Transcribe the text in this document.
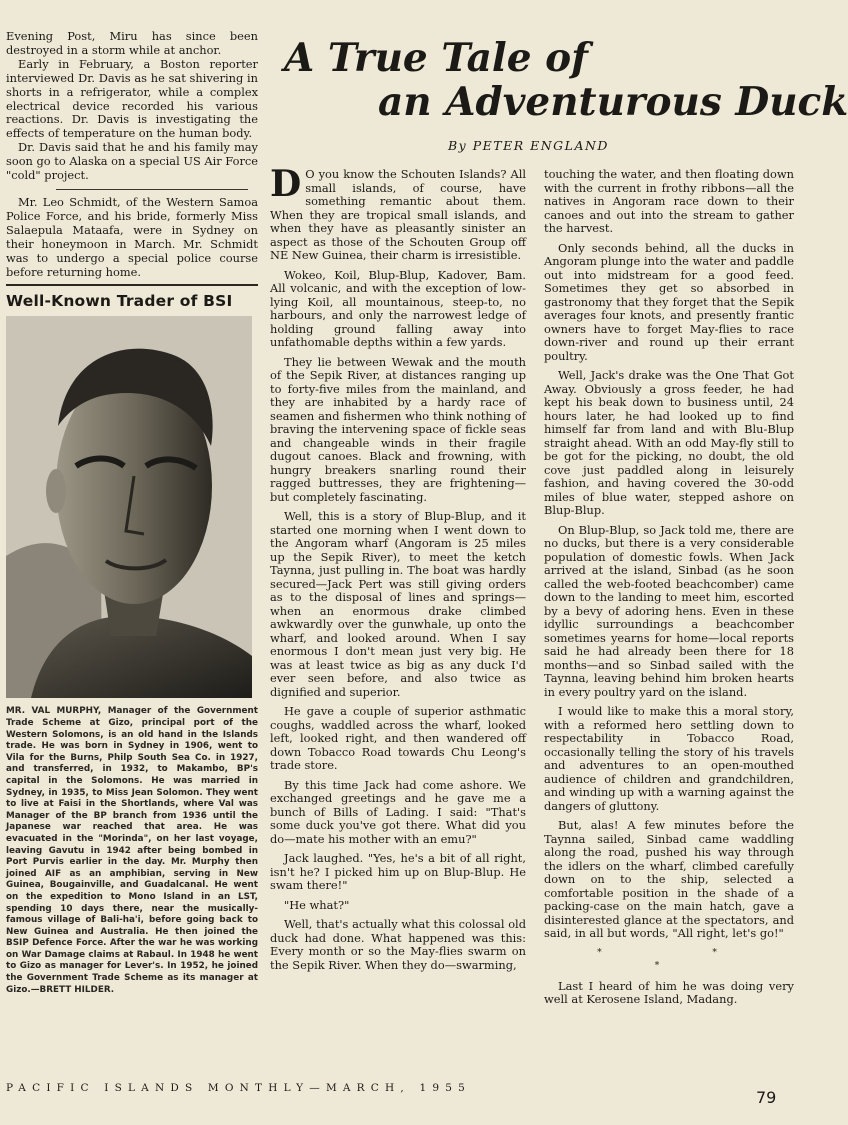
Evening Post, Miru has since been destroyed in a storm while at anchor.

Early in February, a Boston reporter interviewed Dr. Davis as he sat shivering in shorts in a refrigerator, while a complex electrical device recorded his various reactions. Dr. Davis is investigating the effects of temperature on the human body.

Dr. Davis said that he and his family may soon go to Alaska on a special US Air Force "cold" project.

Mr. Leo Schmidt, of the Western Samoa Police Force, and his bride, formerly Miss Salaepula Mataafa, were in Sydney on their honeymoon in March. Mr. Schmidt was to undergo a special police course before returning home.

Well-Known Trader of BSI
MR. VAL MURPHY, Manager of the Government Trade Scheme at Gizo, principal port of the Western Solomons, is an old hand in the Islands trade. He was born in Sydney in 1906, went to Vila for the Burns, Philp South Sea Co. in 1927, and transferred, in 1932, to Makambo, BP's capital in the Solomons. He was married in Sydney, in 1935, to Miss Jean Solomon. They went to live at Faisi in the Shortlands, where Val was Manager of the BP branch from 1936 until the Japanese war reached that area. He was evacuated in the "Morinda", on her last voyage, leaving Gavutu in 1942 after being bombed in Port Purvis earlier in the day. Mr. Murphy then joined AIF as an amphibian, serving in New Guinea, Bougainville, and Guadalcanal. He went on the expedition to Mono Island in an LST, spending 10 days there, near the musically-famous village of Bali-ha'i, before going back to New Guinea and Australia. He then joined the BSIP Defence Force. After the war he was working on War Damage claims at Rabaul. In 1948 he went to Gizo as manager for Lever's. In 1952, he joined the Government Trade Scheme as its manager at Gizo.—BRETT HILDER.
A True Tale of
an Adventurous Duck
By PETER ENGLAND

D O you know the Schouten Islands? All small islands, of course, have something remantic about them. When they are tropical small islands, and when they have as pleasantly sinister an aspect as those of the Schouten Group off NE New Guinea, their charm is irresistible.

Wokeo, Koil, Blup-Blup, Kadover, Bam. All volcanic, and with the exception of low-lying Koil, all mountainous, steep-to, no harbours, and only the narrowest ledge of holding ground falling away into unfathomable depths within a few yards.

They lie between Wewak and the mouth of the Sepik River, at distances ranging up to forty-five miles from the mainland, and they are inhabited by a hardy race of seamen and fishermen who think nothing of braving the intervening space of fickle seas and changeable winds in their fragile dugout canoes. Black and frowning, with hungry breakers snarling round their ragged buttresses, they are frightening—but completely fascinating.

Well, this is a story of Blup-Blup, and it started one morning when I went down to the Angoram wharf (Angoram is 25 miles up the Sepik River), to meet the ketch Taynna, just pulling in. The boat was hardly secured—Jack Pert was still giving orders as to the disposal of lines and springs—when an enormous drake climbed awkwardly over the gunwhale, up onto the wharf, and looked around. When I say enormous I don't mean just very big. He was at least twice as big as any duck I'd ever seen before, and also twice as dignified and superior.

He gave a couple of superior asthmatic coughs, waddled across the wharf, looked left, looked right, and then wandered off down Tobacco Road towards Chu Leong's trade store.

By this time Jack had come ashore. We exchanged greetings and he gave me a bunch of Bills of Lading. I said: "That's some duck you've got there. What did you do—mate his mother with an emu?"

Jack laughed. "Yes, he's a bit of all right, isn't he? I picked him up on Blup-Blup. He swam there!"

"He what?"

Well, that's actually what this colossal old duck had done. What happened was this: Every month or so the May-flies swarm on the Sepik River. When they do—swarming,

touching the water, and then floating down with the current in frothy ribbons—all the natives in Angoram race down to their canoes and out into the stream to gather the harvest.

Only seconds behind, all the ducks in Angoram plunge into the water and paddle out into midstream for a good feed. Sometimes they get so absorbed in gastronomy that they forget that the Sepik averages four knots, and presently frantic owners have to forget May-flies to race down-river and round up their errant poultry.

Well, Jack's drake was the One That Got Away. Obviously a gross feeder, he had kept his beak down to business until, 24 hours later, he had looked up to find himself far from land and with Blu-Blup straight ahead. With an odd May-fly still to be got for the picking, no doubt, the old cove just paddled along in leisurely fashion, and having covered the 30-odd miles of blue water, stepped ashore on Blup-Blup.

On Blup-Blup, so Jack told me, there are no ducks, but there is a very considerable population of domestic fowls. When Jack arrived at the island, Sinbad (as he soon called the web-footed beachcomber) came down to the landing to meet him, escorted by a bevy of adoring hens. Even in these idyllic surroundings a beachcomber sometimes yearns for home—local reports said he had already been there for 18 months—and so Sinbad sailed with the Taynna, leaving behind him broken hearts in every poultry yard on the island.

I would like to make this a moral story, with a reformed hero settling down to respectability in Tobacco Road, occasionally telling the story of his travels and adventures to an open-mouthed audience of children and grandchildren, and winding up with a warning against the dangers of gluttony.

But, alas! A few minutes before the Taynna sailed, Sinbad came waddling along the road, pushed his way through the idlers on the wharf, climbed carefully down on to the ship, selected a comfortable position in the shade of a packing-case on the main hatch, gave a disinterested glance at the spectators, and said, in all but words, "All right, let's go!"

* * *

Last I heard of him he was doing very well at Kerosene Island, Madang.

PACIFIC ISLANDS MONTHLY—MARCH, 1955	79
